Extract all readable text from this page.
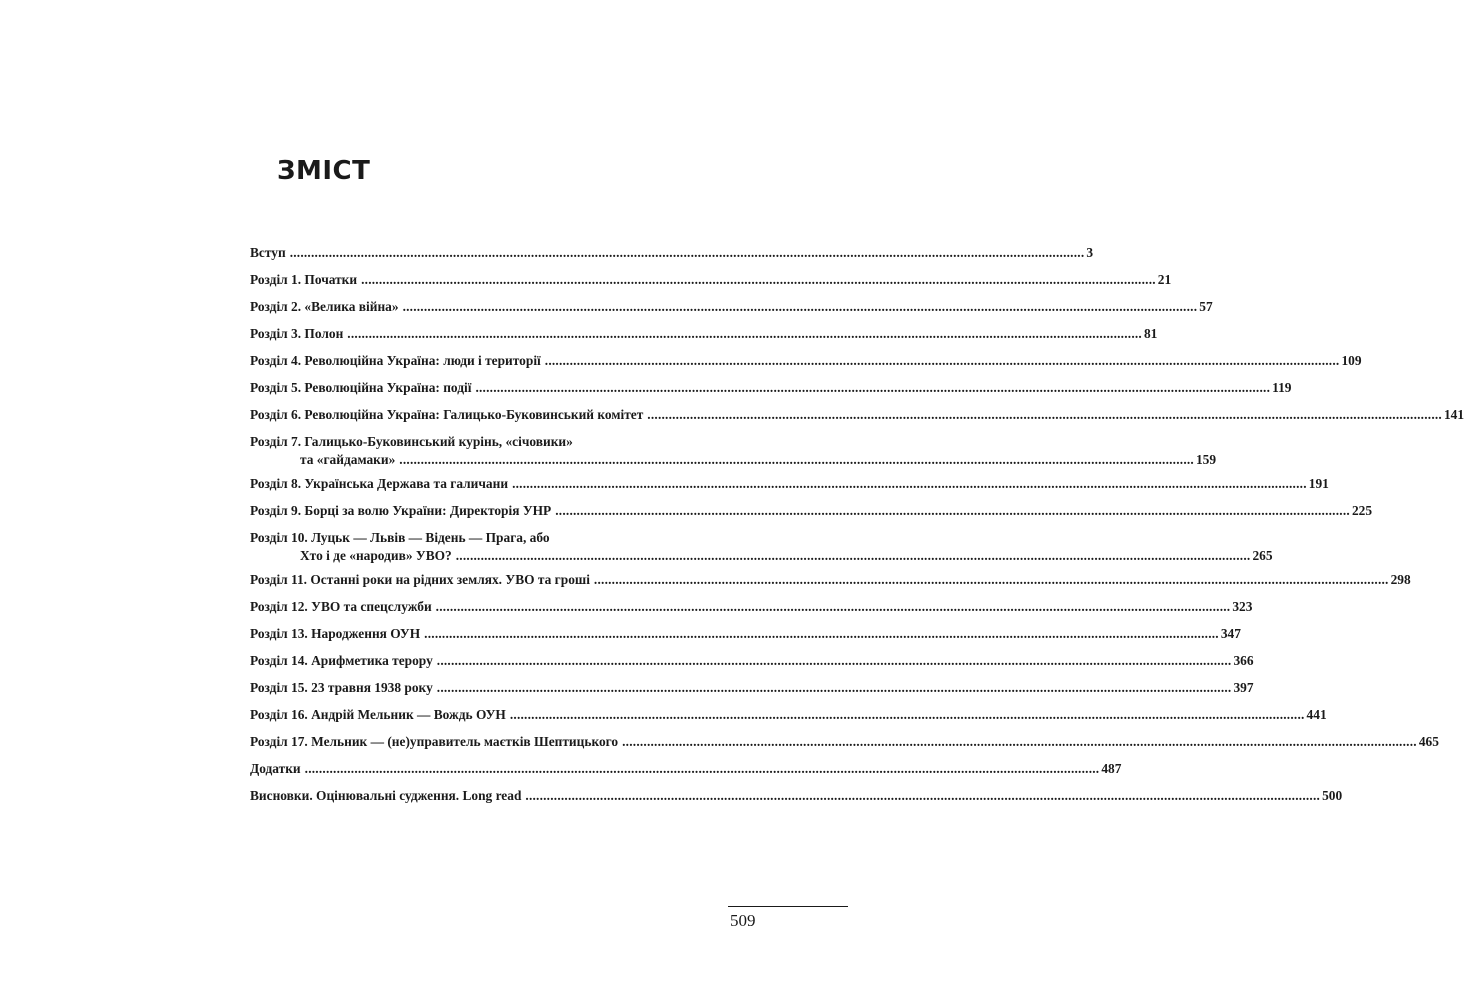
ЗМІСТ
Вступ .....	3
Розділ 1. Початки .....	21
Розділ 2. «Велика війна» .....	57
Розділ 3. Полон .....	81
Розділ 4. Революційна Україна: люди і території .....	109
Розділ 5. Революційна Україна: події .....	119
Розділ 6. Революційна Україна: Галицько-Буковинський комітет .....	141
Розділ 7. Галицько-Буковинський курінь, «січовики»
та «гайдамаки» .....	159
Розділ 8. Українська Держава та галичани .....	191
Розділ 9. Борці за волю України: Директорія УНР .....	225
Розділ 10. Луцьк — Львів — Відень — Прага, або
Хто і де «народив» УВО? .....	265
Розділ 11. Останні роки на рідних землях. УВО та гроші .....	298
Розділ 12. УВО та спецслужби .....	323
Розділ 13. Народження ОУН .....	347
Розділ 14. Арифметика терору .....	366
Розділ 15. 23 травня 1938 року .....	397
Розділ 16. Андрій Мельник — Вождь ОУН .....	441
Розділ 17. Мельник — (не)управитель маєтків Шептицького .....	465
Додатки .....	487
Висновки. Оцінювальні судження. Long read .....	500
509
